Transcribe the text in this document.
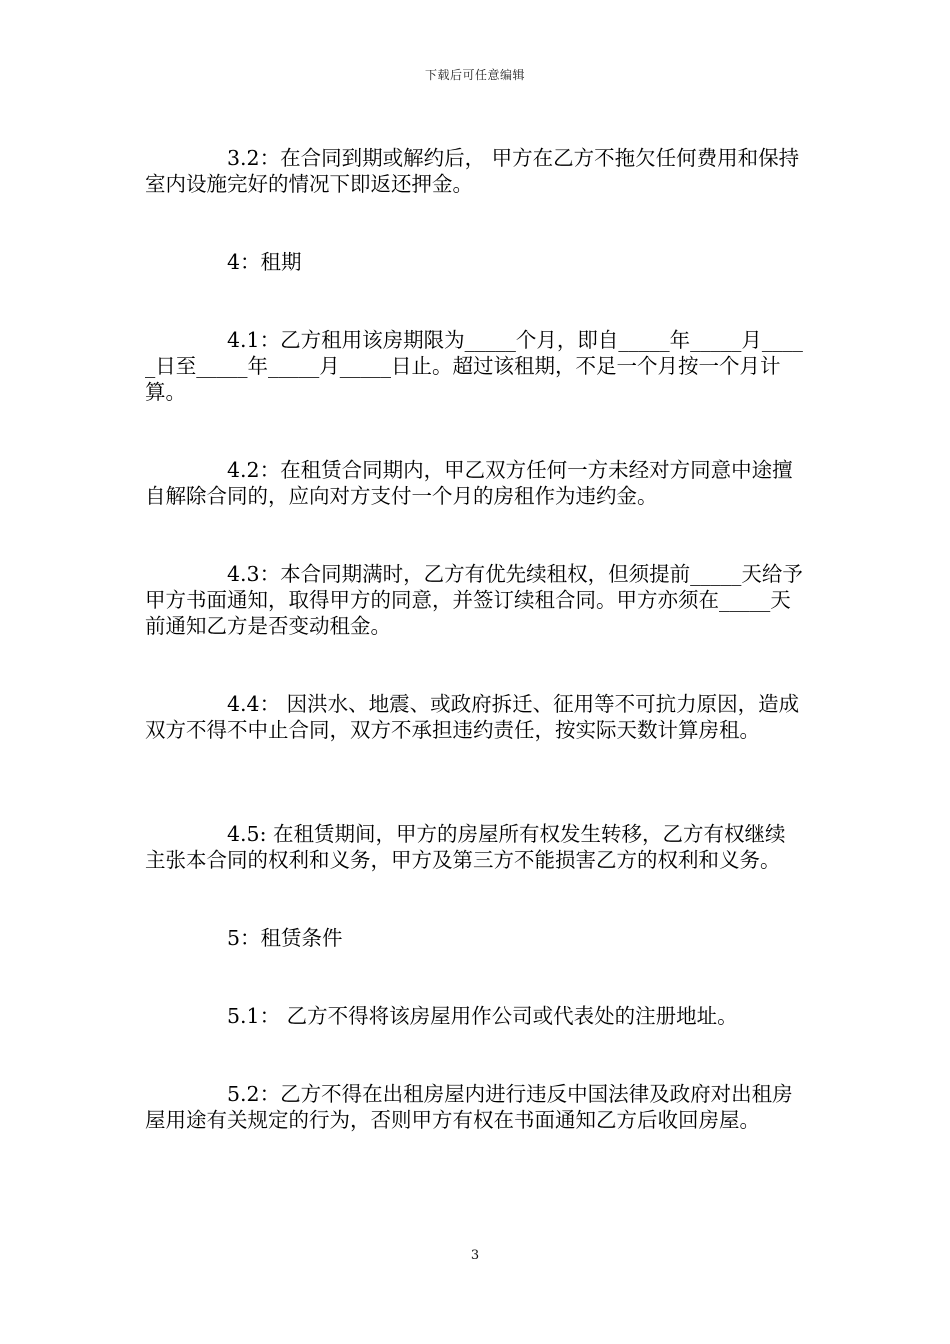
下载后可任意编辑

3.2：在合同到期或解约后， 甲方在乙方不拖欠任何费用和保持室内设施完好的情况下即返还押金。

4：租期

4.1：乙方租用该房期限为_____个月，即自_____年_____月_____日至_____年_____月_____日止。超过该租期，不足一个月按一个月计算。

4.2：在租赁合同期内，甲乙双方任何一方未经对方同意中途擅自解除合同的，应向对方支付一个月的房租作为违约金。

4.3：本合同期满时，乙方有优先续租权，但须提前_____天给予甲方书面通知，取得甲方的同意，并签订续租合同。甲方亦须在_____天前通知乙方是否变动租金。

4.4： 因洪水、地震、或政府拆迁、征用等不可抗力原因，造成双方不得不中止合同，双方不承担违约责任，按实际天数计算房租。

4.5: 在租赁期间，甲方的房屋所有权发生转移，乙方有权继续主张本合同的权利和义务，甲方及第三方不能损害乙方的权利和义务。

5：租赁条件

5.1： 乙方不得将该房屋用作公司或代表处的注册地址。

5.2：乙方不得在出租房屋内进行违反中国法律及政府对出租房屋用途有关规定的行为，否则甲方有权在书面通知乙方后收回房屋。

3
